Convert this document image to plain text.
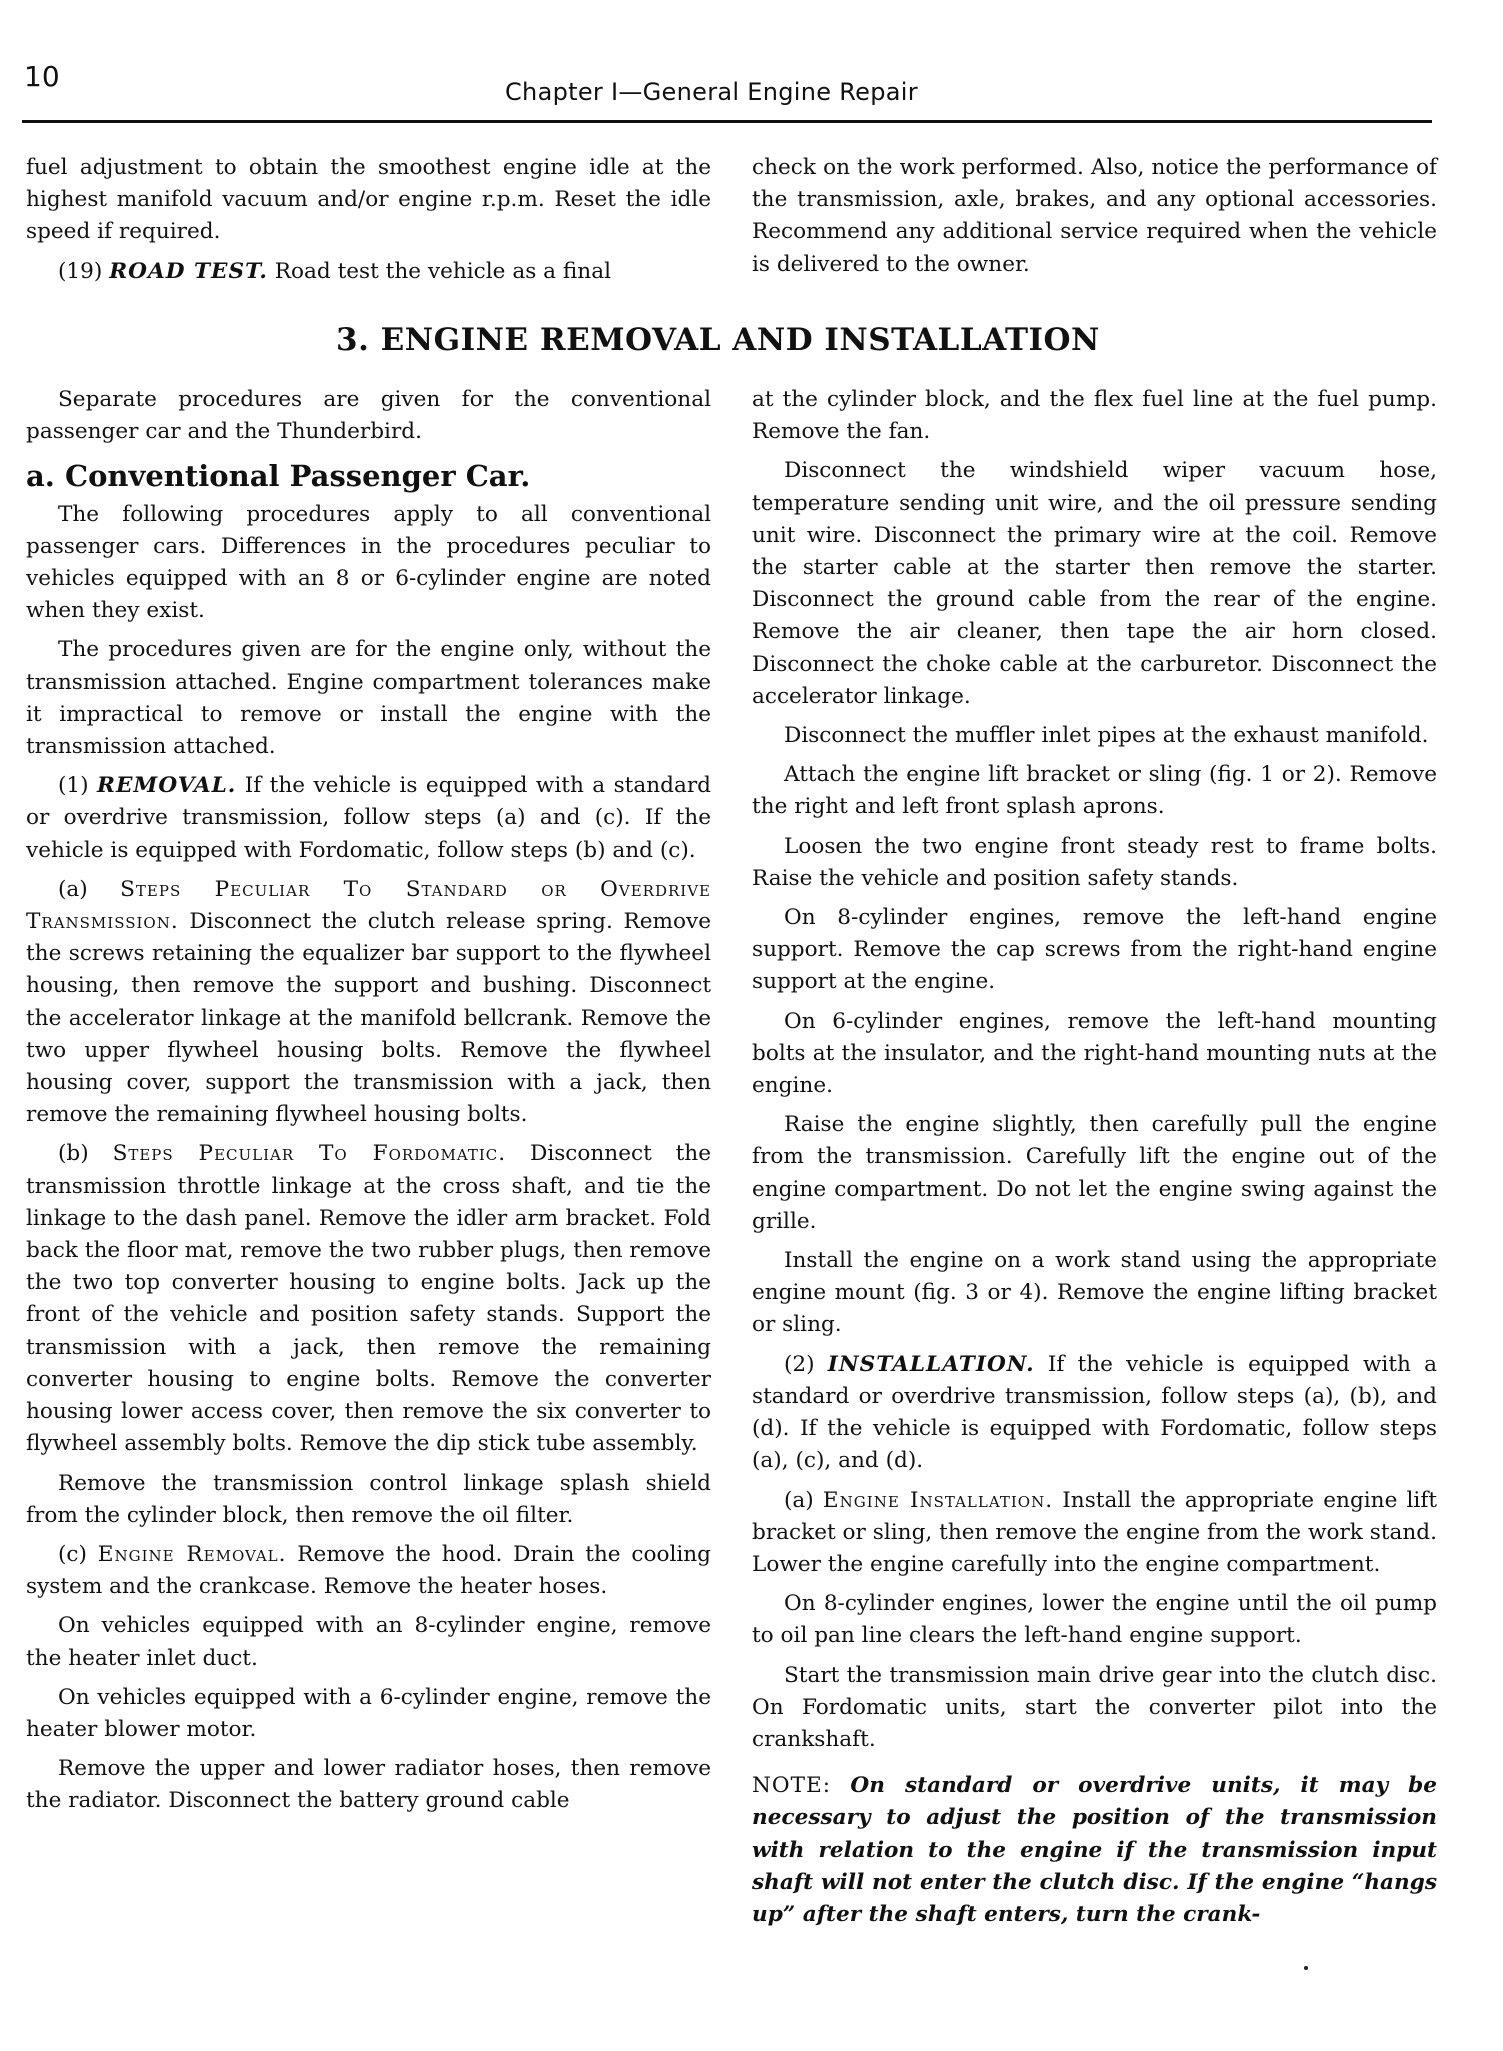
10	Chapter I—General Engine Repair

fuel adjustment to obtain the smoothest engine idle at the highest manifold vacuum and/or engine r.p.m. Reset the idle speed if required.

(19) ROAD TEST. Road test the vehicle as a final

check on the work performed. Also, notice the performance of the transmission, axle, brakes, and any optional accessories. Recommend any additional service required when the vehicle is delivered to the owner.

3. ENGINE REMOVAL AND INSTALLATION

Separate procedures are given for the conventional passenger car and the Thunderbird.

a. Conventional Passenger Car.

The following procedures apply to all conventional passenger cars. Differences in the procedures peculiar to vehicles equipped with an 8 or 6-cylinder engine are noted when they exist.

The procedures given are for the engine only, without the transmission attached. Engine compartment tolerances make it impractical to remove or install the engine with the transmission attached.

(1) REMOVAL. If the vehicle is equipped with a standard or overdrive transmission, follow steps (a) and (c). If the vehicle is equipped with Fordomatic, follow steps (b) and (c).

(a) Steps Peculiar To Standard or Overdrive Transmission. Disconnect the clutch release spring. Remove the screws retaining the equalizer bar support to the flywheel housing, then remove the support and bushing. Disconnect the accelerator linkage at the manifold bellcrank. Remove the two upper flywheel housing bolts. Remove the flywheel housing cover, support the transmission with a jack, then remove the remaining flywheel housing bolts.

(b) Steps Peculiar To Fordomatic. Disconnect the transmission throttle linkage at the cross shaft, and tie the linkage to the dash panel. Remove the idler arm bracket. Fold back the floor mat, remove the two rubber plugs, then remove the two top converter housing to engine bolts. Jack up the front of the vehicle and position safety stands. Support the transmission with a jack, then remove the remaining converter housing to engine bolts. Remove the converter housing lower access cover, then remove the six converter to flywheel assembly bolts. Remove the dip stick tube assembly.

Remove the transmission control linkage splash shield from the cylinder block, then remove the oil filter.

(c) Engine Removal. Remove the hood. Drain the cooling system and the crankcase. Remove the heater hoses.

On vehicles equipped with an 8-cylinder engine, remove the heater inlet duct.

On vehicles equipped with a 6-cylinder engine, remove the heater blower motor.

Remove the upper and lower radiator hoses, then remove the radiator. Disconnect the battery ground cable

at the cylinder block, and the flex fuel line at the fuel pump. Remove the fan.

Disconnect the windshield wiper vacuum hose, temperature sending unit wire, and the oil pressure sending unit wire. Disconnect the primary wire at the coil. Remove the starter cable at the starter then remove the starter. Disconnect the ground cable from the rear of the engine. Remove the air cleaner, then tape the air horn closed. Disconnect the choke cable at the carburetor. Disconnect the accelerator linkage.

Disconnect the muffler inlet pipes at the exhaust manifold.

Attach the engine lift bracket or sling (fig. 1 or 2). Remove the right and left front splash aprons.

Loosen the two engine front steady rest to frame bolts. Raise the vehicle and position safety stands.

On 8-cylinder engines, remove the left-hand engine support. Remove the cap screws from the right-hand engine support at the engine.

On 6-cylinder engines, remove the left-hand mounting bolts at the insulator, and the right-hand mounting nuts at the engine.

Raise the engine slightly, then carefully pull the engine from the transmission. Carefully lift the engine out of the engine compartment. Do not let the engine swing against the grille.

Install the engine on a work stand using the appropriate engine mount (fig. 3 or 4). Remove the engine lifting bracket or sling.

(2) INSTALLATION. If the vehicle is equipped with a standard or overdrive transmission, follow steps (a), (b), and (d). If the vehicle is equipped with Fordomatic, follow steps (a), (c), and (d).

(a) Engine Installation. Install the appropriate engine lift bracket or sling, then remove the engine from the work stand. Lower the engine carefully into the engine compartment.

On 8-cylinder engines, lower the engine until the oil pump to oil pan line clears the left-hand engine support.

Start the transmission main drive gear into the clutch disc. On Fordomatic units, start the converter pilot into the crankshaft.

NOTE: On standard or overdrive units, it may be necessary to adjust the position of the transmission with relation to the engine if the transmission input shaft will not enter the clutch disc. If the engine “hangs up” after the shaft enters, turn the crank-
